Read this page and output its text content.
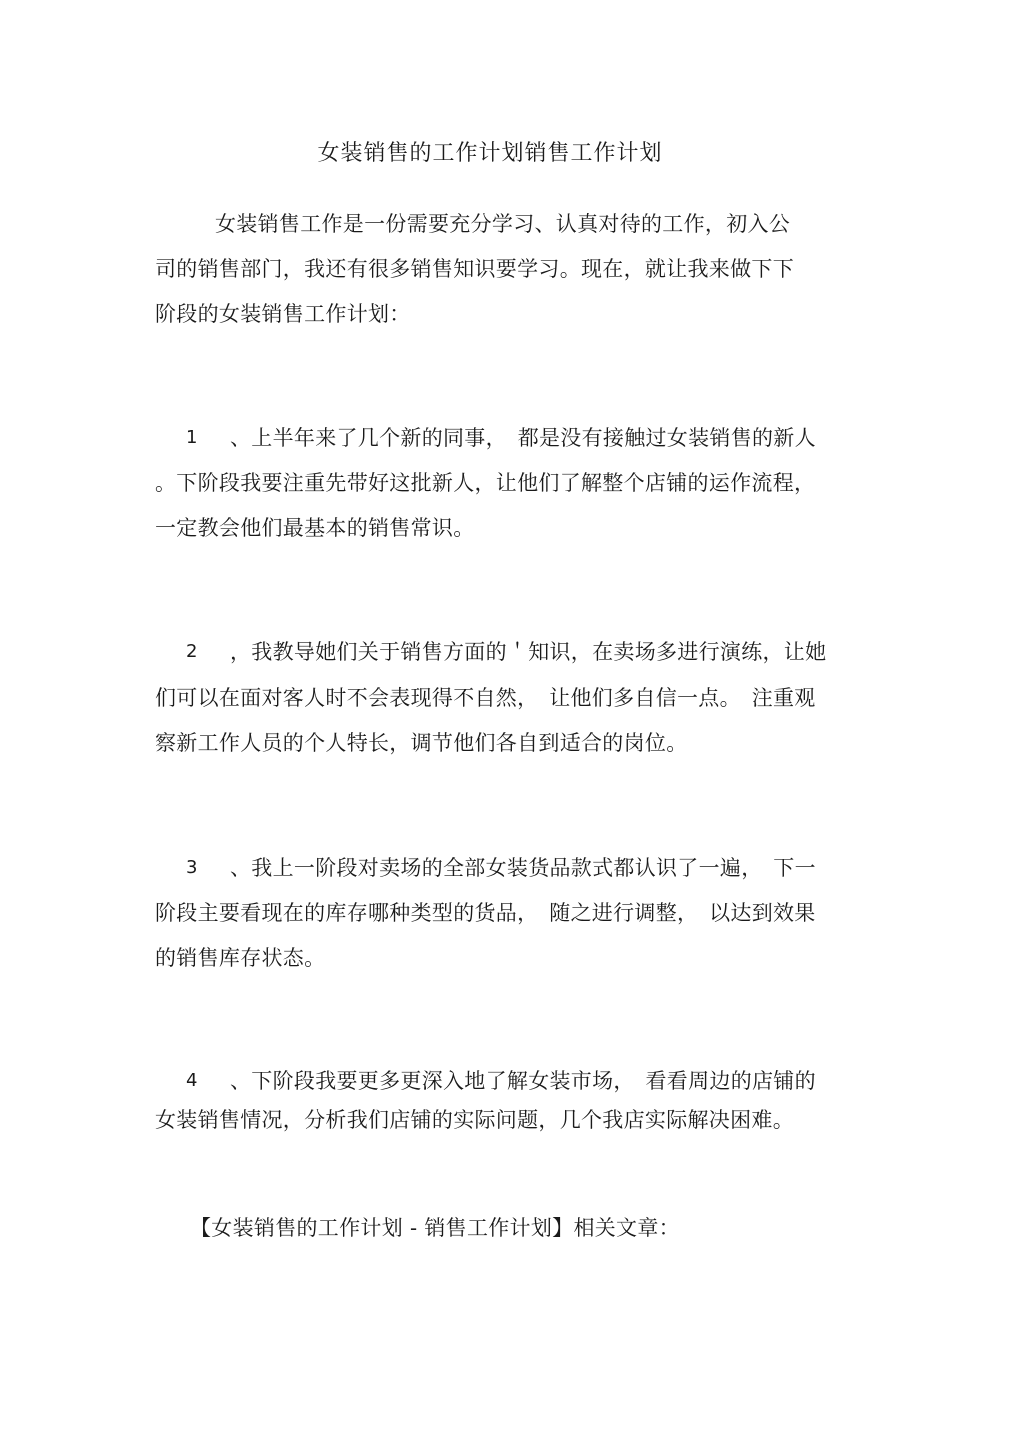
女装销售的工作计划销售工作计划
女装销售工作是一份需要充分学习、认真对待的工作，初入公
司的销售部门，我还有很多销售知识要学习。现在，就让我来做下下
阶段的女装销售工作计划：
1 、上半年来了几个新的同事，　都是没有接触过女装销售的新人
。下阶段我要注重先带好这批新人，让他们了解整个店铺的运作流程，
一定教会他们最基本的销售常识。
2 ，我教导她们关于销售方面的＇知识，在卖场多进行演练，让她
们可以在面对客人时不会表现得不自然，　让他们多自信一点。　注重观
察新工作人员的个人特长，调节他们各自到适合的岗位。
3 、我上一阶段对卖场的全部女装货品款式都认识了一遍，　下一
阶段主要看现在的库存哪种类型的货品，　随之进行调整，　以达到效果
的销售库存状态。
4 、下阶段我要更多更深入地了解女装市场，　看看周边的店铺的
女装销售情况，分析我们店铺的实际问题，几个我店实际解决困难。
【女装销售的工作计划 - 销售工作计划】相关文章：
